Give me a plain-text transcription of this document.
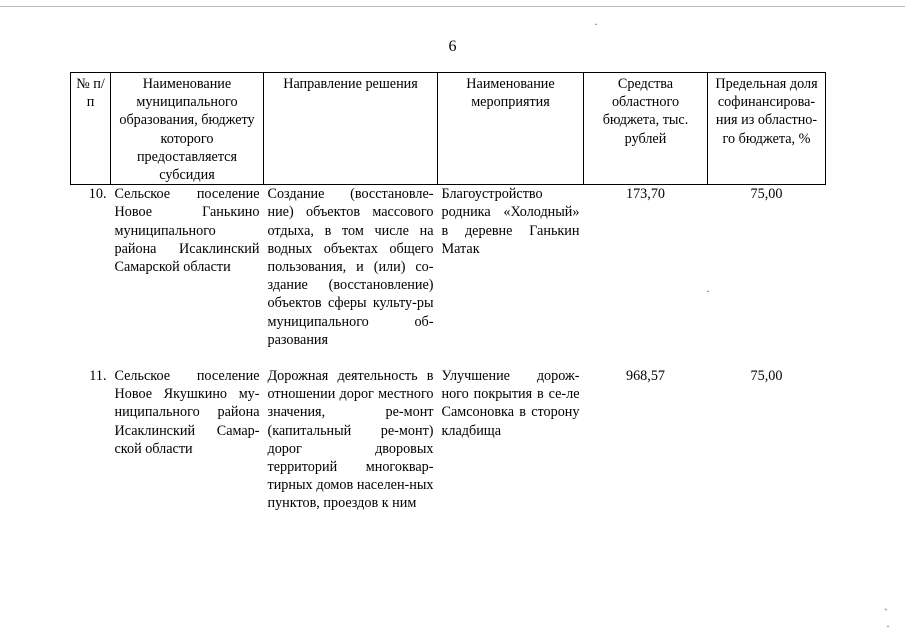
6
№ п/п	Наименование муниципального образования, бюджету которого предоставляется субсидия	Направление решения	Наименование мероприятия	Средства областного бюджета, тыс. рублей	Предельная доля софинансирова-ния из областно-го бюджета, %
10.	Сельское поселение Новое Ганькино муниципального района Исаклинский Самарской области	Создание (восстановле-ние) объектов массового отдыха, в том числе на водных объектах общего пользования, и (или) со-здание (восстановление) объектов сферы культу-ры муниципального об-разования	Благоустройство родника «Холодный» в деревне Ганькин Матак	173,70	75,00
11.	Сельское поселение Новое Якушкино му-ниципального района Исаклинский Самар-ской области	Дорожная деятельность в отношении дорог местного значения, ре-монт (капитальный ре-монт) дорог дворовых территорий многоквар-тирных домов населен-ных пунктов, проездов к ним	Улучшение дорож-ного покрытия в се-ле Самсоновка в сторону кладбища	968,57	75,00
·
·
ˏ
·
